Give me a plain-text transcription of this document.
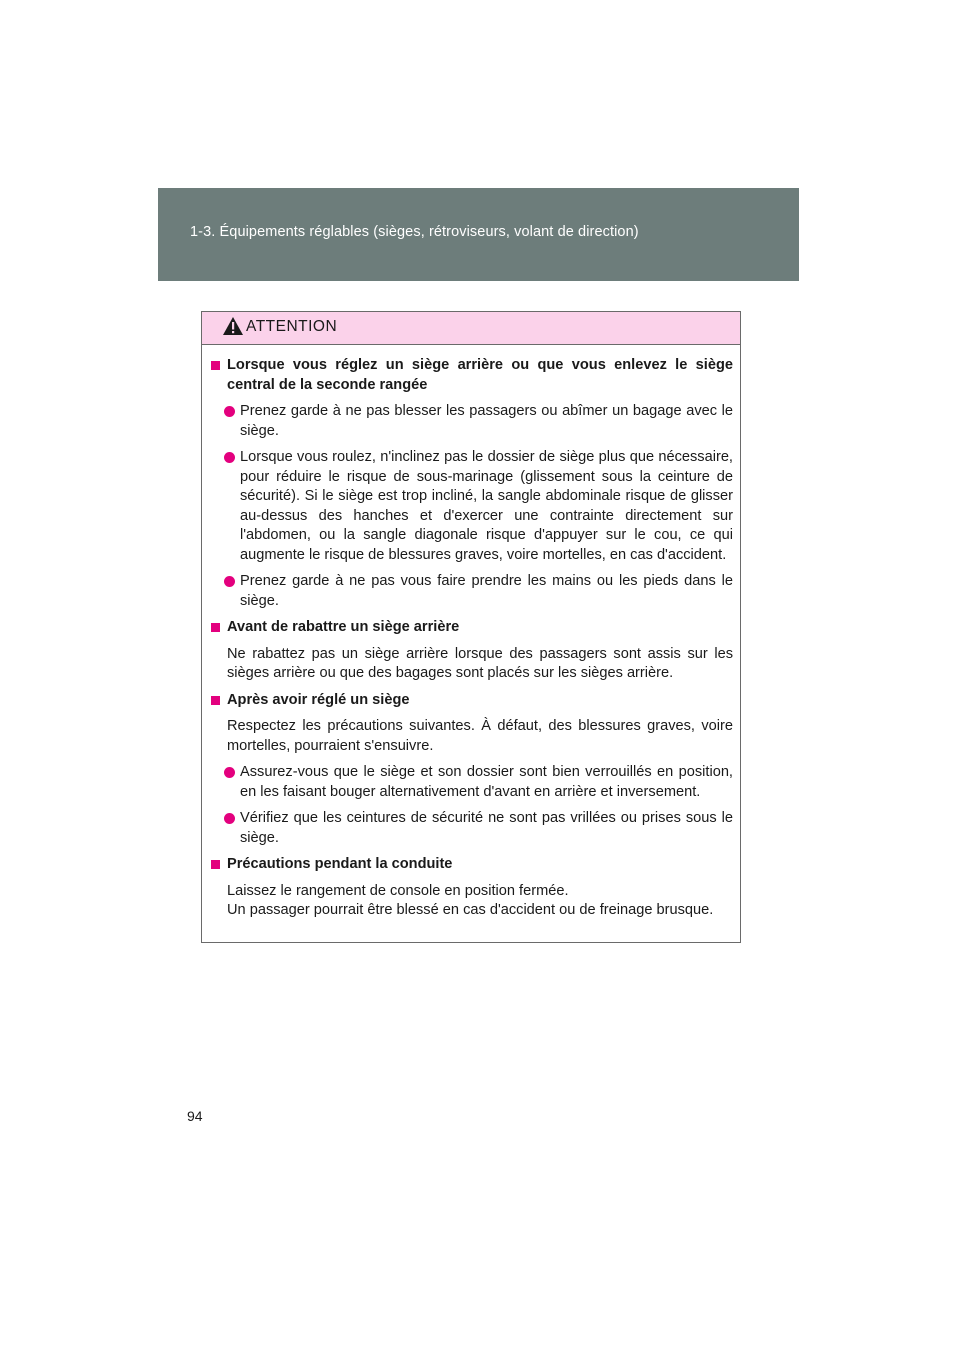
1-3. Équipements réglables (sièges, rétroviseurs, volant de direction)
ATTENTION
Lorsque vous réglez un siège arrière ou que vous enlevez le siège central de la seconde rangée
Prenez garde à ne pas blesser les passagers ou abîmer un bagage avec le siège.
Lorsque vous roulez, n'inclinez pas le dossier de siège plus que nécessaire, pour réduire le risque de sous-marinage (glissement sous la ceinture de sécurité). Si le siège est trop incliné, la sangle abdominale risque de glisser au-dessus des hanches et d'exercer une contrainte directement sur l'abdomen, ou la sangle diagonale risque d'appuyer sur le cou, ce qui augmente le risque de blessures graves, voire mortelles, en cas d'accident.
Prenez garde à ne pas vous faire prendre les mains ou les pieds dans le siège.
Avant de rabattre un siège arrière
Ne rabattez pas un siège arrière lorsque des passagers sont assis sur les sièges arrière ou que des bagages sont placés sur les sièges arrière.
Après avoir réglé un siège
Respectez les précautions suivantes. À défaut, des blessures graves, voire mortelles, pourraient s'ensuivre.
Assurez-vous que le siège et son dossier sont bien verrouillés en position, en les faisant bouger alternativement d'avant en arrière et inversement.
Vérifiez que les ceintures de sécurité ne sont pas vrillées ou prises sous le siège.
Précautions pendant la conduite
Laissez le rangement de console en position fermée.
Un passager pourrait être blessé en cas d'accident ou de freinage brusque.
94
